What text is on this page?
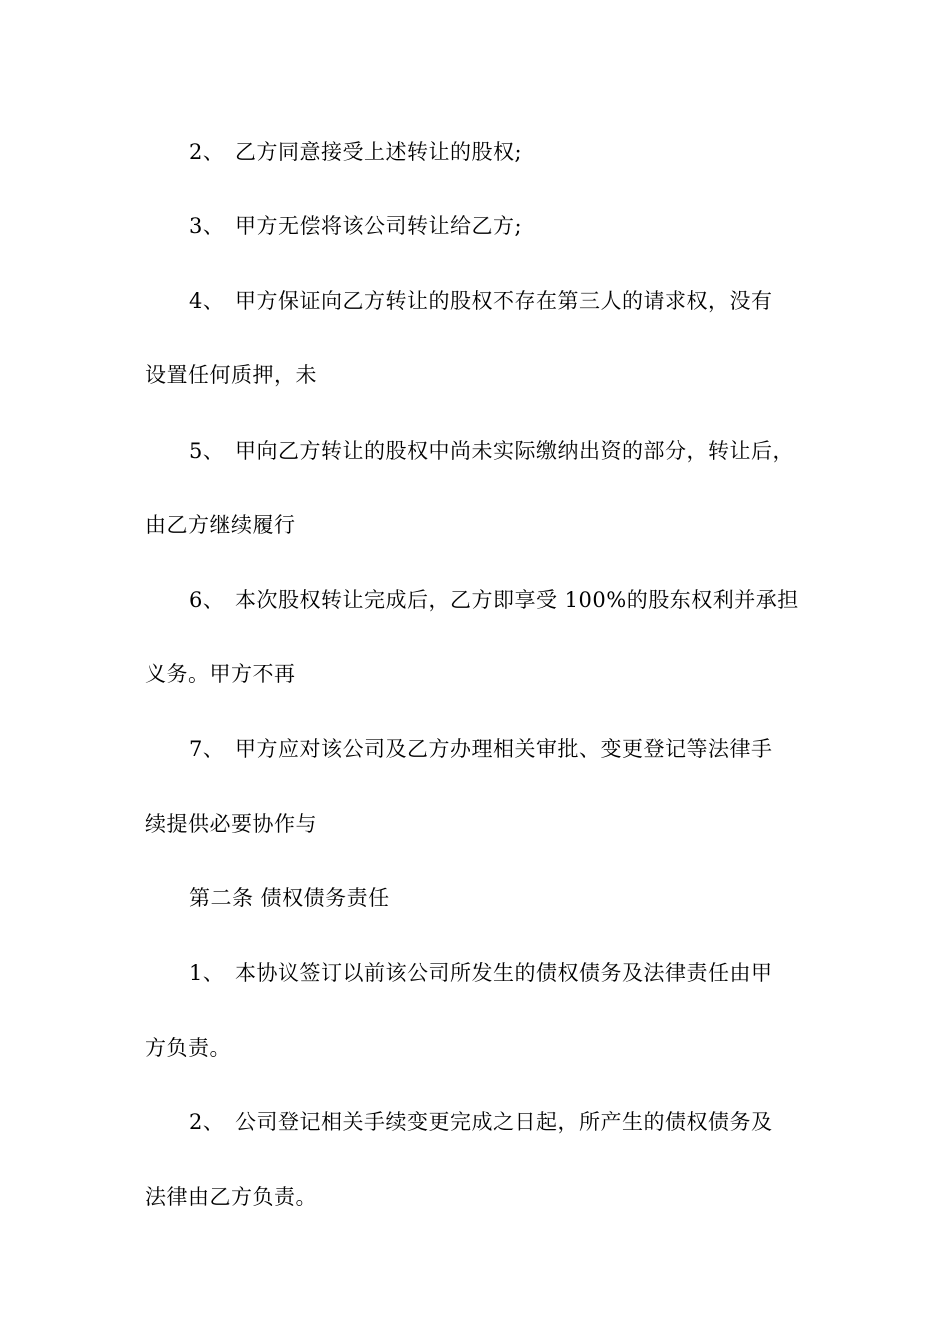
2、 乙方同意接受上述转让的股权;
3、 甲方无偿将该公司转让给乙方;
4、 甲方保证向乙方转让的股权不存在第三人的请求权，没有
设置任何质押，未
5、 甲向乙方转让的股权中尚未实际缴纳出资的部分，转让后，
由乙方继续履行
6、 本次股权转让完成后，乙方即享受 100%的股东权利并承担
义务。甲方不再
7、 甲方应对该公司及乙方办理相关审批、变更登记等法律手
续提供必要协作与
第二条 债权债务责任
1、 本协议签订以前该公司所发生的债权债务及法律责任由甲
方负责。
2、 公司登记相关手续变更完成之日起，所产生的债权债务及
法律由乙方负责。
